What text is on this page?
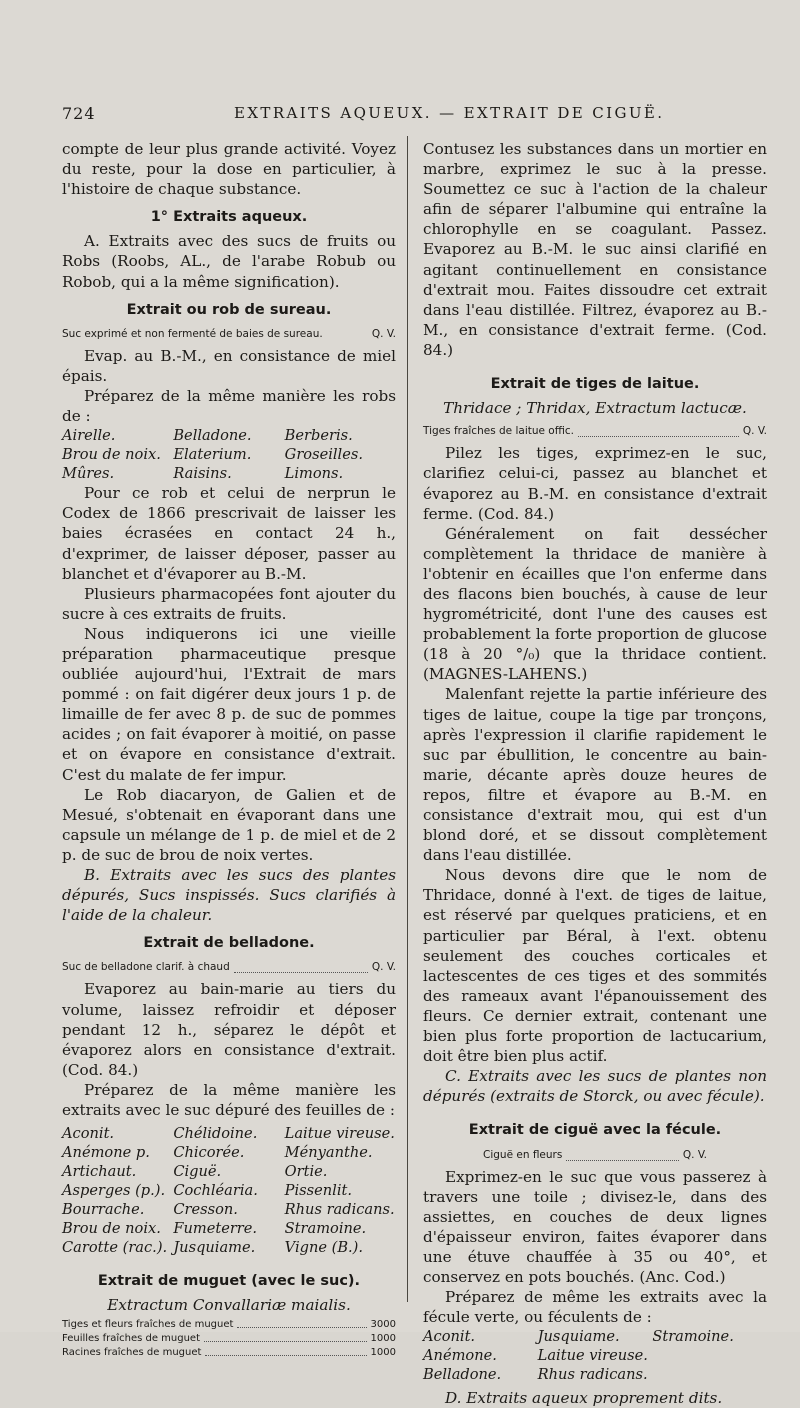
724	EXTRAITS AQUEUX. — EXTRAIT DE CIGUË.

compte de leur plus grande activité. Voyez du reste, pour la dose en particulier, à l'histoire de chaque substance.

1° Extraits aqueux.

A. Extraits avec des sucs de fruits ou Robs (Roobs, AL., de l'arabe Robub ou Robob, qui a la même signification).

Extrait ou rob de sureau.
Suc exprimé et non fermenté de baies de sureau.	Q. V.

Evap. au B.-M., en consistance de miel épais.

Préparez de la même manière les robs de :

Airelle.	Belladone.	Berberis.
Brou de noix. Elaterium.	Groseilles.
Mûres.	Raisins.	Limons.

Pour ce rob et celui de nerprun le Codex de 1866 prescrivait de laisser les baies écrasées en contact 24 h., d'exprimer, de laisser déposer, passer au blanchet et d'évaporer au B.-M.

Plusieurs pharmacopées font ajouter du sucre à ces extraits de fruits.

Nous indiquerons ici une vieille préparation pharmaceutique presque oubliée aujourd'hui, l'Extrait de mars pommé : on fait digérer deux jours 1 p. de limaille de fer avec 8 p. de suc de pommes acides ; on fait évaporer à moitié, on passe et on évapore en consistance d'extrait. C'est du malate de fer impur.

Le Rob diacaryon, de Galien et de Mesué, s'obtenait en évaporant dans une capsule un mélange de 1 p. de miel et de 2 p. de suc de brou de noix vertes.

B. Extraits avec les sucs des plantes dépurés, Sucs inspissés. Sucs clarifiés à l'aide de la chaleur.

Extrait de belladone.
Suc de belladone clarif. à chaud	Q. V.

Evaporez au bain-marie au tiers du volume, laissez refroidir et déposer pendant 12 h., séparez le dépôt et évaporez alors en consistance d'extrait. (Cod. 84.)

Préparez de la même manière les extraits avec le suc dépuré des feuilles de :

Aconit.	Chélidoine.	Laitue vireuse.
Anémone p.	Chicorée.	Ményanthe.
Artichaut.	Ciguë.	Ortie.
Asperges (p.). Cochléaria.	Pissenlit.
Bourrache.	Cresson.	Rhus radicans.
Brou de noix. Fumeterre.	Stramoine.
Carotte (rac.). Jusquiame.	Vigne (B.).
Extrait de muguet (avec le suc).
Extractum Convallariæ maialis.
Tiges et fleurs fraîches de muguet	3000
Feuilles fraîches de muguet	1000
Racines fraîches de muguet	1000

Contusez les substances dans un mortier en marbre, exprimez le suc à la presse. Soumettez ce suc à l'action de la chaleur afin de séparer l'albumine qui entraîne la chlorophylle en se coagulant. Passez. Evaporez au B.-M. le suc ainsi clarifié en agitant continuellement en consistance d'extrait mou. Faites dissoudre cet extrait dans l'eau distillée. Filtrez, évaporez au B.-M., en consistance d'extrait ferme. (Cod. 84.)

Extrait de tiges de laitue.
Thridace ; Thridax, Extractum lactucæ.
Tiges fraîches de laitue offic.	Q. V.

Pilez les tiges, exprimez-en le suc, clarifiez celui-ci, passez au blanchet et évaporez au B.-M. en consistance d'extrait ferme. (Cod. 84.)

Généralement on fait dessécher complètement la thridace de manière à l'obtenir en écailles que l'on enferme dans des flacons bien bouchés, à cause de leur hygrométricité, dont l'une des causes est probablement la forte proportion de glucose (18 à 20 °/₀) que la thridace contient. (MAGNES-LAHENS.)

Malenfant rejette la partie inférieure des tiges de laitue, coupe la tige par tronçons, après l'expression il clarifie rapidement le suc par ébullition, le concentre au bain-marie, décante après douze heures de repos, filtre et évapore au B.-M. en consistance d'extrait mou, qui est d'un blond doré, et se dissout complètement dans l'eau distillée.

Nous devons dire que le nom de Thridace, donné à l'ext. de tiges de laitue, est réservé par quelques praticiens, et en particulier par Béral, à l'ext. obtenu seulement des couches corticales et lactescentes de ces tiges et des sommités des rameaux avant l'épanouissement des fleurs. Ce dernier extrait, contenant une bien plus forte proportion de lactucarium, doit être bien plus actif.

C. Extraits avec les sucs de plantes non dépurés (extraits de Storck, ou avec fécule).

Extrait de ciguë avec la fécule.
Ciguë en fleurs	Q. V.

Exprimez-en le suc que vous passerez à travers une toile ; divisez-le, dans des assiettes, en couches de deux lignes d'épaisseur environ, faites évaporer dans une étuve chauffée à 35 ou 40°, et conservez en pots bouchés. (Anc. Cod.)

Préparez de même les extraits avec la fécule verte, ou féculents de :

Aconit.	Jusquiame.	Stramoine.
Anémone.	Laitue vireuse.
Belladone.	Rhus radicans.

D. Extraits aqueux proprement dits.
